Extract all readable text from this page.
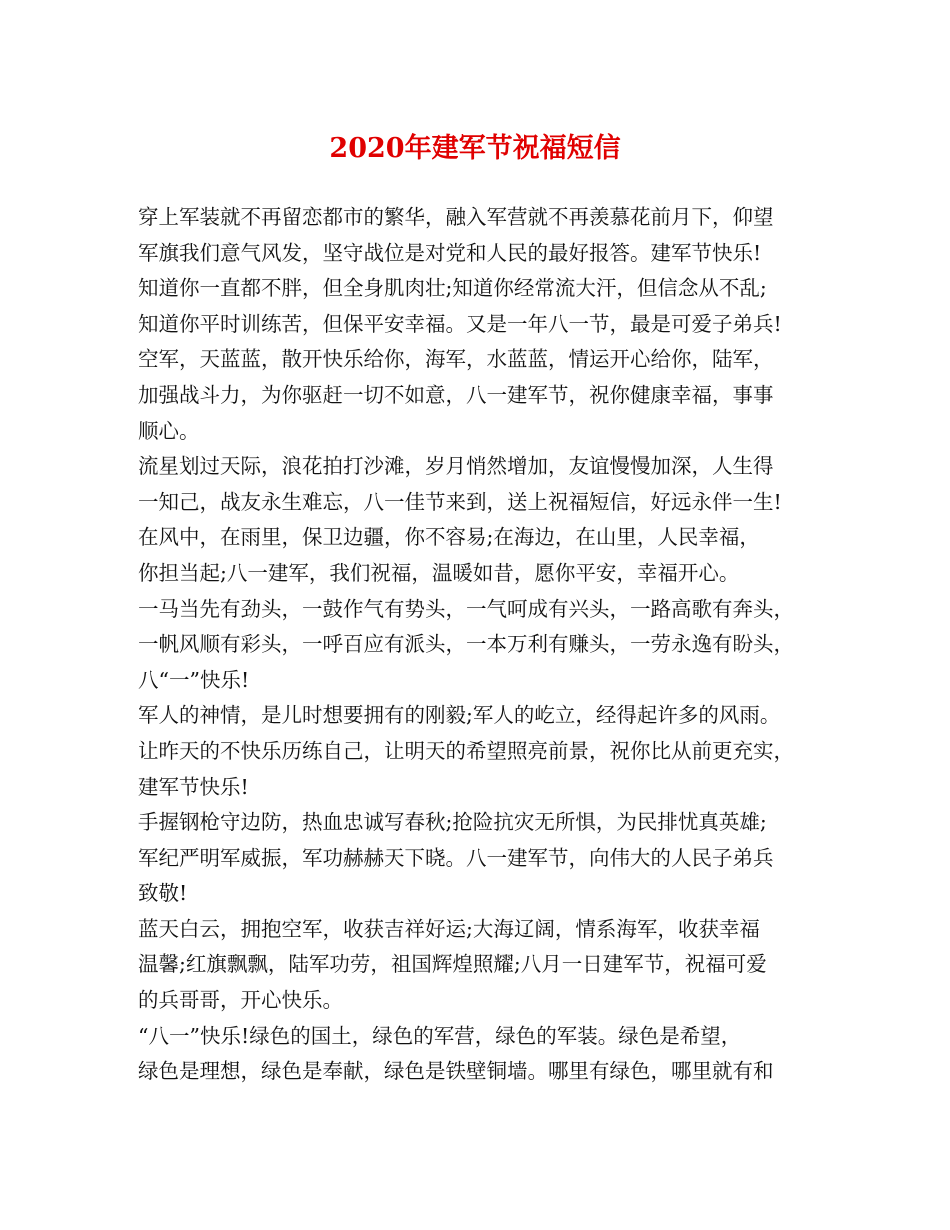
2020年建军节祝福短信
穿上军装就不再留恋都市的繁华，融入军营就不再羡慕花前月下，仰望
军旗我们意气风发，坚守战位是对党和人民的最好报答。建军节快乐!
知道你一直都不胖，但全身肌肉壮;知道你经常流大汗，但信念从不乱;
知道你平时训练苦，但保平安幸福。又是一年八一节，最是可爱子弟兵!
空军，天蓝蓝，散开快乐给你，海军，水蓝蓝，情运开心给你，陆军，
加强战斗力，为你驱赶一切不如意，八一建军节，祝你健康幸福，事事
顺心。
流星划过天际，浪花拍打沙滩，岁月悄然增加，友谊慢慢加深，人生得
一知己，战友永生难忘，八一佳节来到，送上祝福短信，好远永伴一生!
在风中，在雨里，保卫边疆，你不容易;在海边，在山里，人民幸福，
你担当起;八一建军，我们祝福，温暖如昔，愿你平安，幸福开心。
一马当先有劲头，一鼓作气有势头，一气呵成有兴头，一路高歌有奔头，
一帆风顺有彩头，一呼百应有派头，一本万利有赚头，一劳永逸有盼头，
八“一”快乐!
军人的神情，是儿时想要拥有的刚毅;军人的屹立，经得起许多的风雨。
让昨天的不快乐历练自己，让明天的希望照亮前景，祝你比从前更充实，
建军节快乐!
手握钢枪守边防，热血忠诚写春秋;抢险抗灾无所惧，为民排忧真英雄;
军纪严明军威振，军功赫赫天下晓。八一建军节，向伟大的人民子弟兵
致敬!
蓝天白云，拥抱空军，收获吉祥好运;大海辽阔，情系海军，收获幸福
温馨;红旗飘飘，陆军功劳，祖国辉煌照耀;八月一日建军节，祝福可爱
的兵哥哥，开心快乐。
“八一”快乐!绿色的国土，绿色的军营，绿色的军装。绿色是希望，
绿色是理想，绿色是奉献，绿色是铁壁铜墙。哪里有绿色，哪里就有和
